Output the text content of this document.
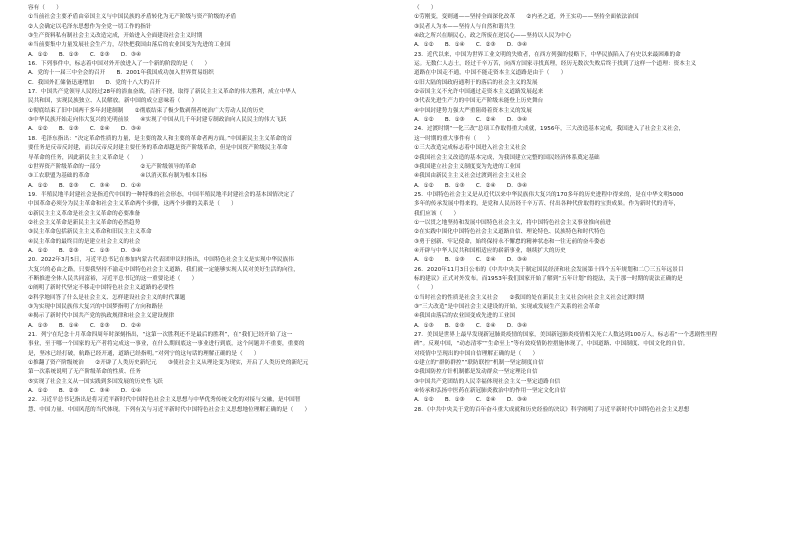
容有（　　）
①当前社会主要矛盾由帝国主义与中国民族的矛盾转化为无产阶级与资产阶级的矛盾
②人会确定以毛泽东思想作为全党一切工作的指针
③生产资料私有制社会主义改造完成，开始进入全面建设社会主义时期
④当前要集中力量发展社会生产力，尽快把我国由落后的农业国变为先进的工业国
A．①②　　B．①③　　C．②③　　D．③④
16．下列事件中，标志着中国对外开放进入了一个新的阶段的是（　　）
A．党的十一届三中全会的召开　　B．2001年我国成功加入世界贸易组织
C．我国外汇储备迅速增加　　D．党的十八大的召开
17．中国共产党领导人民经过28年的浴血奋战，百折不挠，取得了新民主主义革命的伟大胜利，成立中华人
民共和国，实现民族独立、人民解放。新中国的成立意味着（　　）
①彻底结束了旧中国两千多年封建制制　　②彻底结束了极少数剥削者统治广大劳动人民的历史
③中华民族开始走向伟大复兴的光明前景　　④实现了中国从几千年封建专制政治向人民民主的伟大飞跃
A．①②　　B．①③　　C．②④　　D．③④
18．毛泽东指出：“决定革命性质的力量，是主要的敌人和主要的革命者两方面。”中国新民主主义革命的首
要任务是反帝反封建，而以反帝反封建主要任务的革命却越是资产阶级革命，但是中国资产阶级民主革命
导革命的任务，因此新民主主义革命是（　　）
①世界资产阶级革命的一部分　　　　　　　②无产阶级领导的革命
③工农联盟为基础的革命　　　　　　　　　④以消灭私有制为根本目标
A．①②　　B．②③　　C．③④　　D．①④
19．半殖民地半封建社会是指近代中国的一种特殊的社会形态，中国半殖民地半封建社会的基本国情决定了
中国革命必须分为民主革命和社会主义革命两个步骤，这两个步骤的关系是（　　）
①新民主主义革命是社会主义革命的必要准备
②社会主义革命是新民主主义革命的必然趋势
③民主革命包括新民主主义革命和旧民主主义革命
④民主革命的最终目的是建立社会主义的社会
A．①②　　B．②③　　C．①③　　D．③④
20．2022年3月5日，习近平总书记在参加内蒙古代表团审议时指出，中国特色社会主义是实现中华民族伟
大复兴的必由之路，只要我坚持不渝走中国特色社会主义道路，我们就一定能够实现人民对美好生活的向往，
不断推进全体人民共同富裕，习近平总书记的这一重要论述（　　）
①阐明了新时代坚定不移走中国特色社会主义道路的必要性
②科学地回答了什么是社会主义、怎样建设社会主义的时代课题
③为实现中国民族伟大复兴的中国梦指明了方向和路径
④揭示了新时代中国共产党的执政规律和社会主义建设规律
A．①③　　B．①④　　C．②③　　D．②④
21．列宁在纪念十月革命四周年时深刻指出，“这第一次胜利还不是最后的胜利”，在“我们已经开始了这一
事业，至于哪一个国家的无产者将完成这一事业，在什么期间底这一事业进行到底，这个问题并不重要，重要的
是，坚冰已经打破，航路已经开通，道路已经指明。”对列宁的这句话的理解正确的是（　　）
①推翻了资产阶级统治　　②开辟了人类历史新纪元　　③使社会主义从理论变为现实，开启了人类历史的新纪元
第一次系统说明了无产阶级革命的性质、任务
⑤实现了社会主义从一国实践到多国发展的历史性飞跃
A．①②　　B．②③　　C．③④　　D．①④
22．习近平总书记指出是将习近平新时代中国特色社会主义思想与中华优秀传统文化的对接与交融，是中国智
慧、中国力量、中国风范的当代体现。下列有关与习近平新时代中国特色社会主义思想地位理解正确的是（　　）
（　　）
①劳刚变，变则通——坚持全面深化改革　　②内圣之道，外王实功——坚持全面依法治国
③民者人为本——坚持人与自然和谐共生
④政之所兴在顺民心，政之所废在逆民心——坚持以人民为中心
A．①②　　B．①④　　C．②③　　D．③④
23．近代以来，中国为世界工业文明的失败者，在西方列强的侵略下，中华民族陷入了有史以来最困难的命
运。无数仁人志士，经过千辛万苦，向西方国家寻找真理，经历无数次失败后终于找到了这样一个道理：资本主义
道路在中国走不通，中国不能走资本主义道路是由于（　　）
①旧大陆的国政府通利于的落后的社会主义的发展
②帝国主义不允许中国通过走资本主义道路发展起来
③代表先进生产力的中国无产阶级未能登上历史舞台
④中国封建势力强大严重阻碍着资本主义的发展
A．①②　　B．①③　　C．②④　　D．③④
24．过渡时期“一化三改”总项工作取得重大成就，1956年，三大改造基本完成，我国进入了社会主义社会，
这一时期的重大事件有（　　）
①三大改造完成标志着中国进入社会主义社会
②我国社会主义改造的基本完成，为我国建立完整的国民经济体系奠定基础
③我国建立社会主义制度变为先进的工业国
④我国由新民主主义社会过渡到社会主义社会
A．①②　　B．①③　　C．②④　　D．③④
25．中国特色社会主义是从近代以来中华民族伟大复兴的170多年的历史进程中得来的，是在中华文明5000
多年的传承发展中得来的，是党和人民历经千辛万苦、付出各种代价取得的宝贵成果。作为新时代的青年，
我们应该（　　）
①一以贯之地坚持和发展中国特色社会主义，将中国特色社会主义事业推向前进
②在实践中围化中国特色社会主义道路自信、理论特色、民族特色和时代特色
③勇于创新、牢记使命，始终保持永不懈怠的精神状态和一往无前的奋斗姿态
④开辟与中华人民共和国相适应的崭新事业，继续扩大的历史
A．①②　　B．①③　　C．②④　　D．③④
26．2020年11月3日公布的《中共中央关于制定国民经济和社会发展第十四个五年规划和二〇三五年远景目
标的建议》正式对外发布。而1953年我们国家开始了解到“五年计划”的提法，关于那一时期的说法正确的是
（　　）
①当时社会的性质是社会主义社会　　②我国的处在新民主主义社会向社会主义社会过渡时期
③“三大改造”是中国社会主义建设的开始，实现或发展生产关系的社会革命
④我国由落后的农业国变成先进的工业国
A．①③　　B．②③　　C．②④　　D．③④
27．美国是世界上最早发现新冠肺炎疫情的国家，美国新冠肺炎疫情相关死亡人数达到100万人，标志着“一个悲剧性里程
碑”。反观中国，“动态清零”“生命至上”等有效疫情防控措施体现了，中国道路、中国制度、中国文化的自信。
对疫情中呈现出的中国自信理解正确的是（　　）
①建立的“群防群控”“联防联控”机制一坚定制度自信
②我国防控方针机制都是发动群众一坚定理论自信
③中国共产党团结的人民幸福体现社会主义一坚定道路自信
④传承和弘扬中医药在新冠肺炎救治中的作用一坚定文化自信
A．①②　　B．①③　　C．②④　　D．③④
28．《中共中央关于党的百年奋斗重大成就和历史经验的决议》科学阐明了习近平新时代中国特色社会主义思想
